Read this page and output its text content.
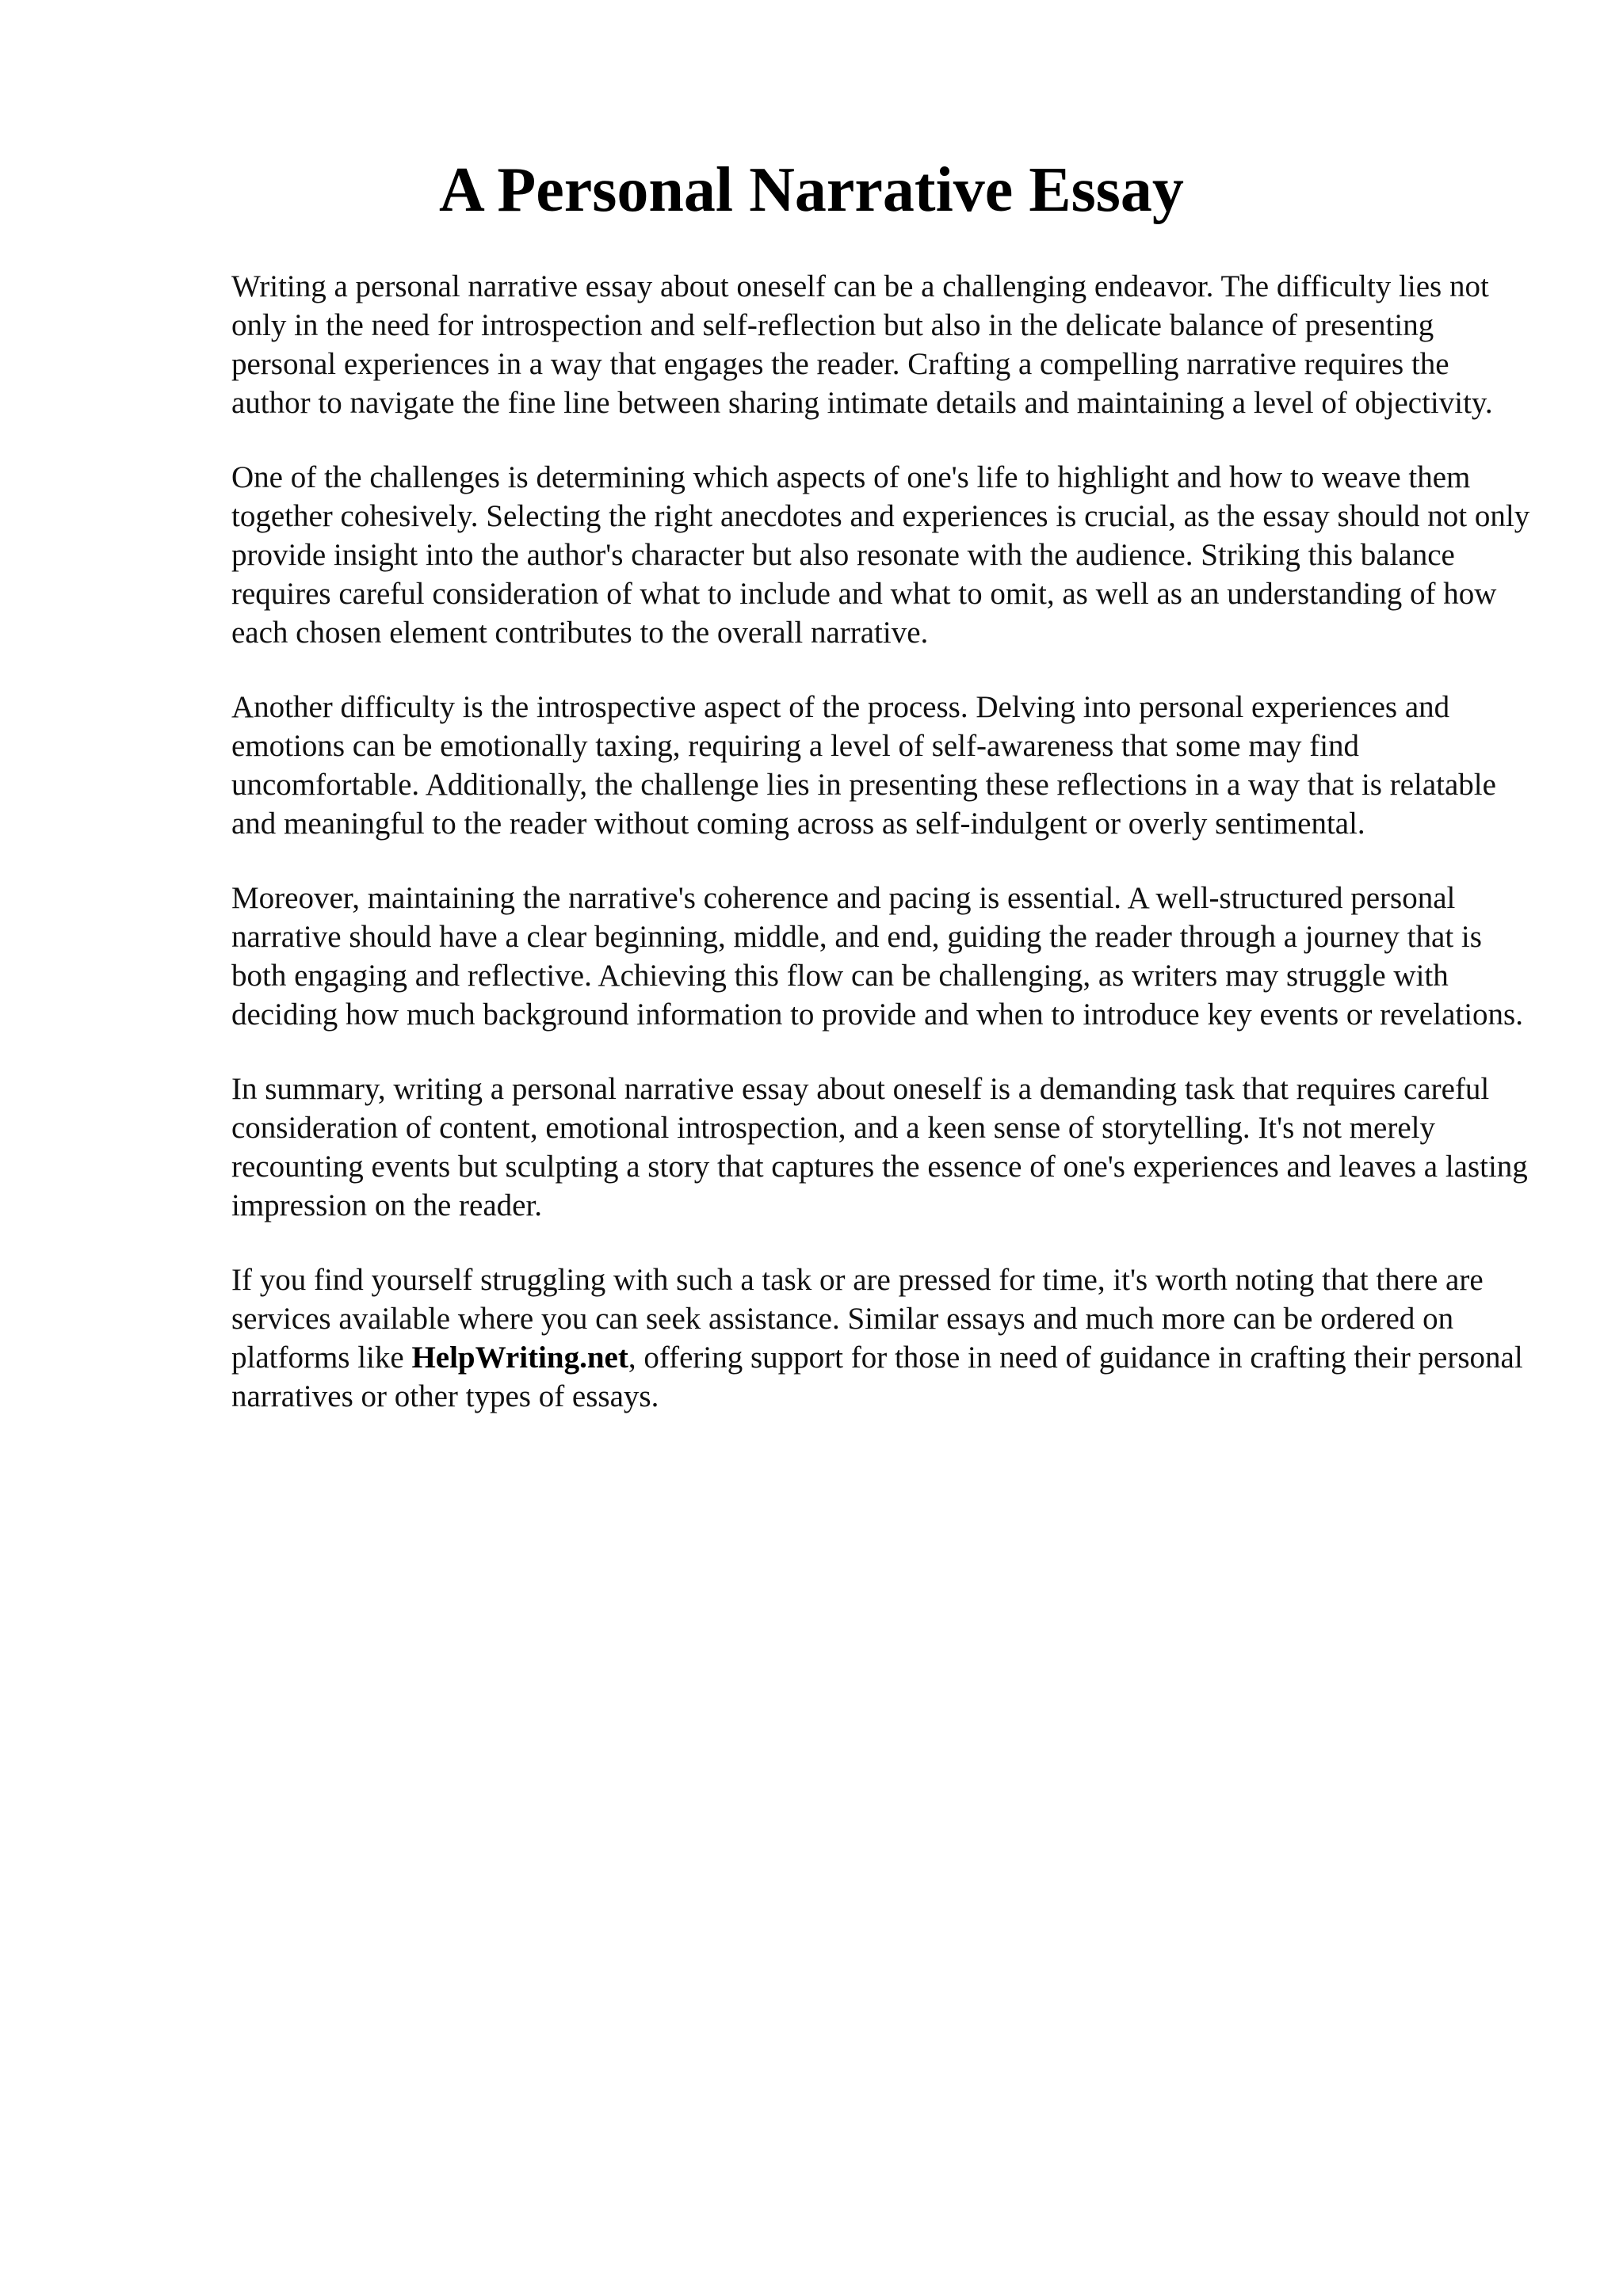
A Personal Narrative Essay

Writing a personal narrative essay about oneself can be a challenging endeavor. The difficulty lies not only in the need for introspection and self-reflection but also in the delicate balance of presenting personal experiences in a way that engages the reader. Crafting a compelling narrative requires the author to navigate the fine line between sharing intimate details and maintaining a level of objectivity.

One of the challenges is determining which aspects of one's life to highlight and how to weave them together cohesively. Selecting the right anecdotes and experiences is crucial, as the essay should not only provide insight into the author's character but also resonate with the audience. Striking this balance requires careful consideration of what to include and what to omit, as well as an understanding of how each chosen element contributes to the overall narrative.

Another difficulty is the introspective aspect of the process. Delving into personal experiences and emotions can be emotionally taxing, requiring a level of self-awareness that some may find uncomfortable. Additionally, the challenge lies in presenting these reflections in a way that is relatable and meaningful to the reader without coming across as self-indulgent or overly sentimental.

Moreover, maintaining the narrative's coherence and pacing is essential. A well-structured personal narrative should have a clear beginning, middle, and end, guiding the reader through a journey that is both engaging and reflective. Achieving this flow can be challenging, as writers may struggle with deciding how much background information to provide and when to introduce key events or revelations.

In summary, writing a personal narrative essay about oneself is a demanding task that requires careful consideration of content, emotional introspection, and a keen sense of storytelling. It's not merely recounting events but sculpting a story that captures the essence of one's experiences and leaves a lasting impression on the reader.

If you find yourself struggling with such a task or are pressed for time, it's worth noting that there are services available where you can seek assistance. Similar essays and much more can be ordered on platforms like HelpWriting.net, offering support for those in need of guidance in crafting their personal narratives or other types of essays.
